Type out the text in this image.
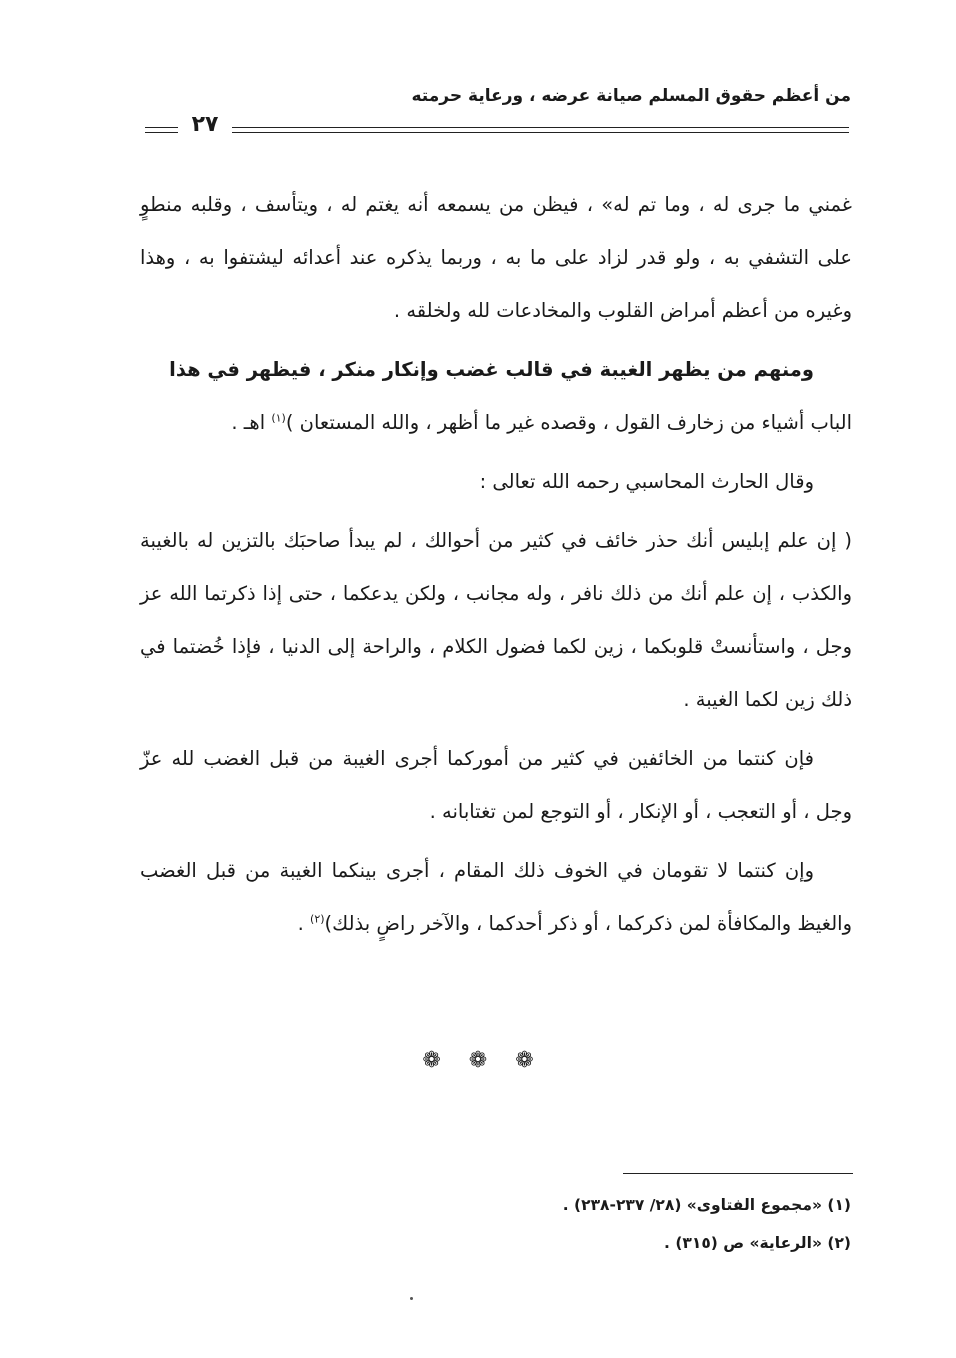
من أعظم حقوق المسلم صيانة عرضه ، ورعاية حرمته
٢٧

غمني ما جرى له ، وما تم له» ، فيظن من يسمعه أنه يغتم له ، ويتأسف ، وقلبه منطوٍ على التشفي به ، ولو قدر لزاد على ما به ، وربما يذكره عند أعدائه ليشتفوا به ، وهذا وغيره من أعظم أمراض القلوب والمخادعات لله ولخلقه .

ومنهم من يظهر الغيبة في قالب غضب وإنكار منكر ، فيظهر في هذا
الباب أشياء من زخارف القول ، وقصده غير ما أظهر ، والله المستعان )$^{(١)}$ اهـ .

وقال الحارث المحاسبي رحمه الله تعالى :

( إن علم إبليس أنك حذر خائف في كثير من أحوالك ، لم يبدأ صاحبَك بالتزين له بالغيبة والكذب ، إن علم أنك من ذلك نافر ، وله مجانب ، ولكن يدعكما ، حتى إذا ذكرتما الله عز وجل ، واستأنستْ قلوبكما ، زين لكما فضول الكلام ، والراحة إلى الدنيا ، فإذا خُضتما في ذلك زين لكما الغيبة .

فإن كنتما من الخائفين في كثير من أموركما أجرى الغيبة من قبل الغضب لله عزّ وجل ، أو التعجب ، أو الإنكار ، أو التوجع لمن تغتابانه .

وإن كنتما لا تقومان في الخوف ذلك المقام ، أجرى بينكما الغيبة من قبل الغضب والغيظ والمكافأة لمن ذكركما ، أو ذكر أحدكما ، والآخر راضٍ بذلك)$^{(٢)}$ .

❁ ❁ ❁
(١) «مجموع الفتاوى» (٢٨/ ٢٣٧-٢٣٨) .
(٢) «الرعاية» ص (٣١٥) .
